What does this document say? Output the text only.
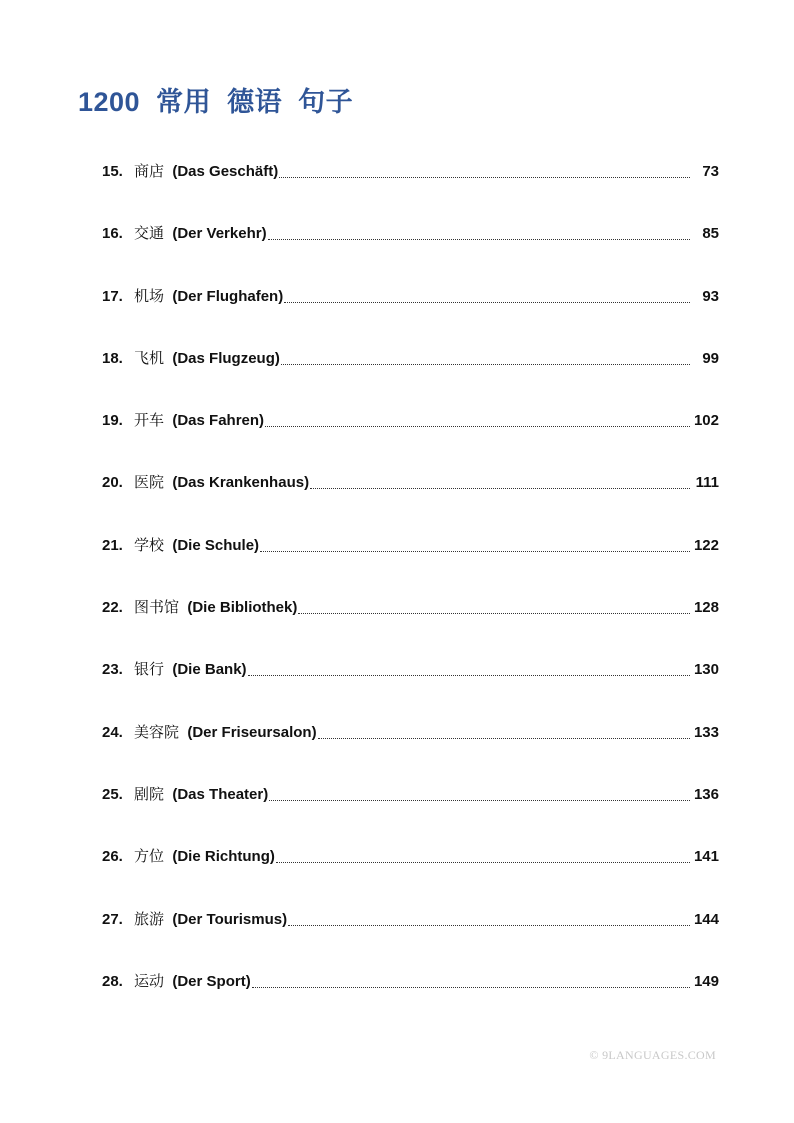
1200  常用  德语  句子
15. 商店 (Das Geschäft)	73
16. 交通 (Der Verkehr)	85
17. 机场 (Der Flughafen)	93
18. 飞机 (Das Flugzeug)	99
19. 开车 (Das Fahren)	102
20. 医院 (Das Krankenhaus)	111
21. 学校 (Die Schule)	122
22. 图书馆 (Die Bibliothek)	128
23. 银行 (Die Bank)	130
24. 美容院 (Der Friseursalon)	133
25. 剧院 (Das Theater)	136
26. 方位 (Die Richtung)	141
27. 旅游 (Der Tourismus)	144
28. 运动 (Der Sport)	149
© 9LANGUAGES.COM
